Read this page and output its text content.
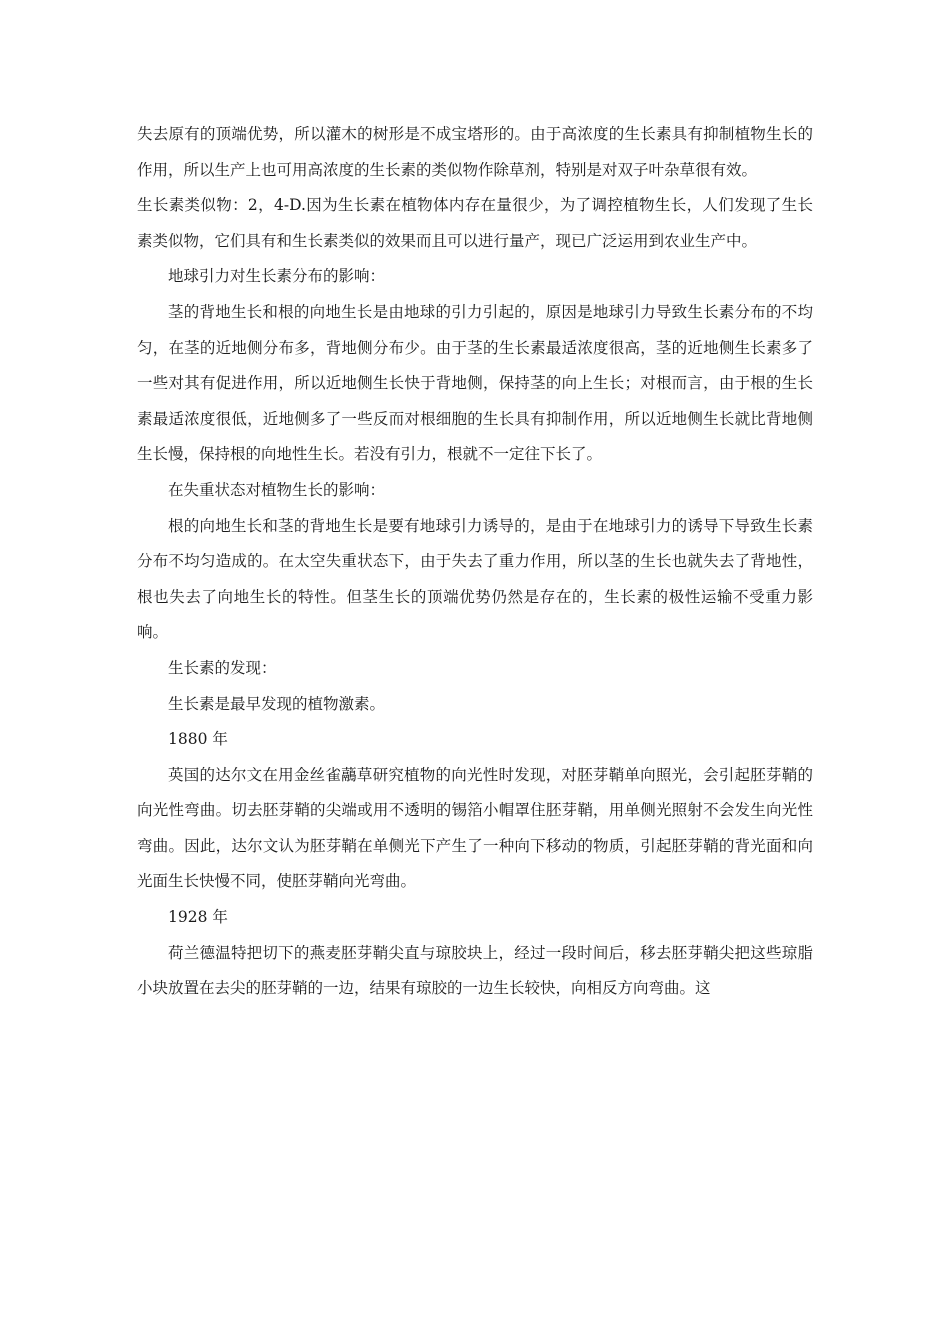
失去原有的顶端优势，所以灌木的树形是不成宝塔形的。由于高浓度的生长素具有抑制植物生长的作用，所以生产上也可用高浓度的生长素的类似物作除草剂，特别是对双子叶杂草很有效。

生长素类似物：2，4-D.因为生长素在植物体内存在量很少，为了调控植物生长，人们发现了生长素类似物，它们具有和生长素类似的效果而且可以进行量产，现已广泛运用到农业生产中。

地球引力对生长素分布的影响：

茎的背地生长和根的向地生长是由地球的引力引起的，原因是地球引力导致生长素分布的不均匀，在茎的近地侧分布多，背地侧分布少。由于茎的生长素最适浓度很高，茎的近地侧生长素多了一些对其有促进作用，所以近地侧生长快于背地侧，保持茎的向上生长；对根而言，由于根的生长素最适浓度很低，近地侧多了一些反而对根细胞的生长具有抑制作用，所以近地侧生长就比背地侧生长慢，保持根的向地性生长。若没有引力，根就不一定往下长了。

在失重状态对植物生长的影响：

根的向地生长和茎的背地生长是要有地球引力诱导的，是由于在地球引力的诱导下导致生长素分布不均匀造成的。在太空失重状态下，由于失去了重力作用，所以茎的生长也就失去了背地性，根也失去了向地生长的特性。但茎生长的顶端优势仍然是存在的，生长素的极性运输不受重力影响。

生长素的发现：

生长素是最早发现的植物激素。

1880 年

英国的达尔文在用金丝雀虉草研究植物的向光性时发现，对胚芽鞘单向照光，会引起胚芽鞘的向光性弯曲。切去胚芽鞘的尖端或用不透明的锡箔小帽罩住胚芽鞘，用单侧光照射不会发生向光性弯曲。因此，达尔文认为胚芽鞘在单侧光下产生了一种向下移动的物质，引起胚芽鞘的背光面和向光面生长快慢不同，使胚芽鞘向光弯曲。

1928 年

荷兰德温特把切下的燕麦胚芽鞘尖直与琼胶块上，经过一段时间后，移去胚芽鞘尖把这些琼脂小块放置在去尖的胚芽鞘的一边，结果有琼胶的一边生长较快，向相反方向弯曲。这
